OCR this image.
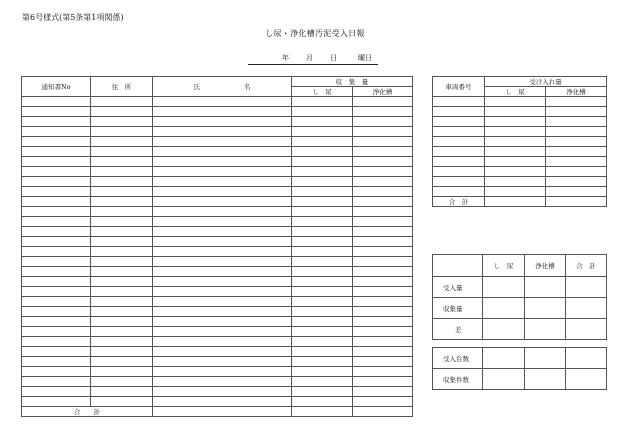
第6号様式(第5条第1項関係)
し尿・浄化槽汚泥受入日報
年 月 日	曜日
通知書No	住　所	氏 名	収　集　量	
			し　尿	浄化槽

合　　計				
車両番号	受け入れ量	
	し　尿	浄化槽

合　計		
	し　尿	浄化槽	合　計
受入量			
収集量			
差			
受入台数			
収集件数			
